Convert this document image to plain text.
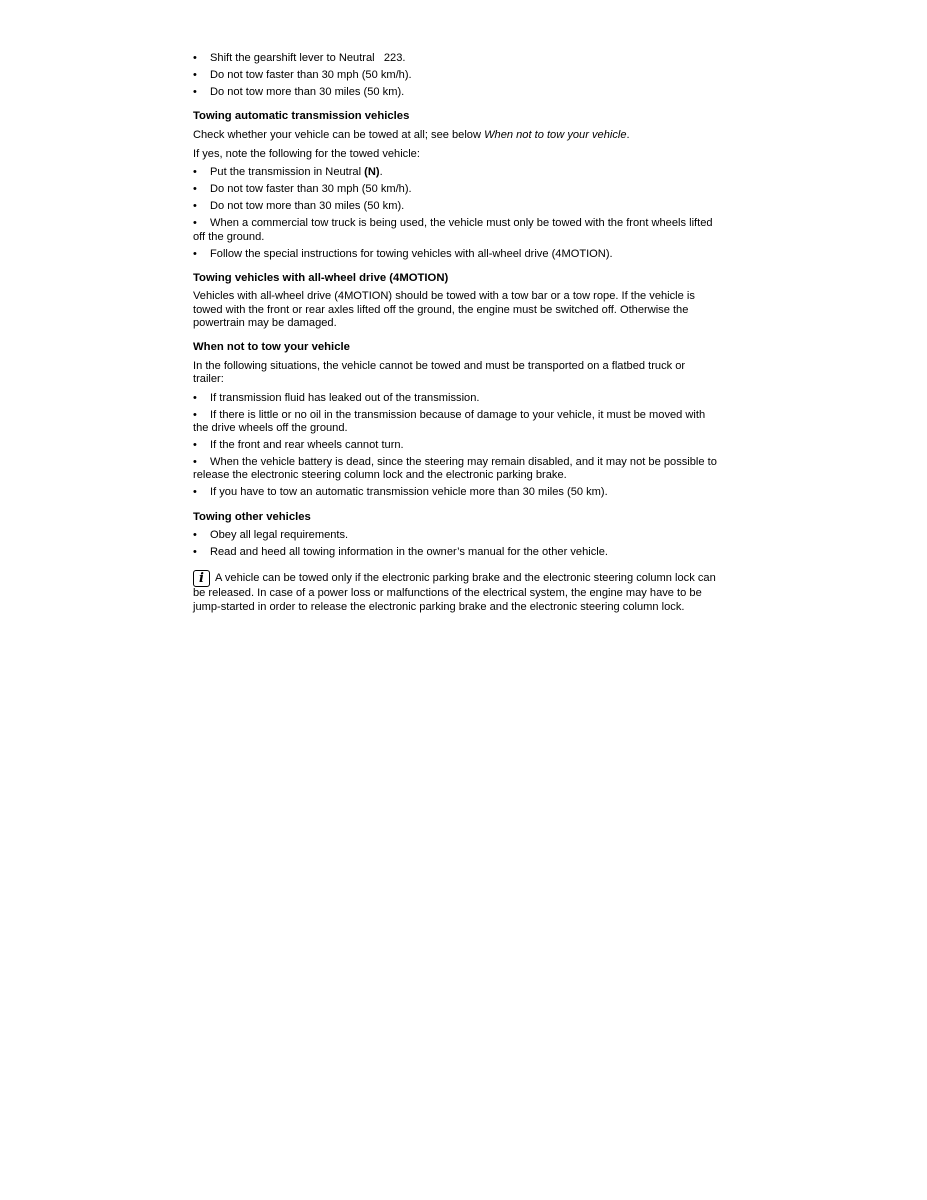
• Shift the gearshift lever to Neutral   223.
• Do not tow faster than 30 mph (50 km/h).
• Do not tow more than 30 miles (50 km).
Towing automatic transmission vehicles

Check whether your vehicle can be towed at all; see below When not to tow your vehicle.

If yes, note the following for the towed vehicle:

• Put the transmission in Neutral (N).
• Do not tow faster than 30 mph (50 km/h).
• Do not tow more than 30 miles (50 km).
• When a commercial tow truck is being used, the vehicle must only be towed with the front wheels lifted off the ground.
• Follow the special instructions for towing vehicles with all-wheel drive (4MOTION).
Towing vehicles with all-wheel drive (4MOTION)

Vehicles with all-wheel drive (4MOTION) should be towed with a tow bar or a tow rope. If the vehicle is towed with the front or rear axles lifted off the ground, the engine must be switched off. Otherwise the powertrain may be damaged.

When not to tow your vehicle

In the following situations, the vehicle cannot be towed and must be transported on a flatbed truck or trailer:

• If transmission fluid has leaked out of the transmission.
• If there is little or no oil in the transmission because of damage to your vehicle, it must be moved with the drive wheels off the ground.
• If the front and rear wheels cannot turn.
• When the vehicle battery is dead, since the steering may remain disabled, and it may not be possible to release the electronic steering column lock and the electronic parking brake.
• If you have to tow an automatic transmission vehicle more than 30 miles (50 km).
Towing other vehicles
• Obey all legal requirements.
• Read and heed all towing information in the owner’s manual for the other vehicle.

i A vehicle can be towed only if the electronic parking brake and the electronic steering column lock can be released. In case of a power loss or malfunctions of the electrical system, the engine may have to be jump-started in order to release the electronic parking brake and the electronic steering column lock.
